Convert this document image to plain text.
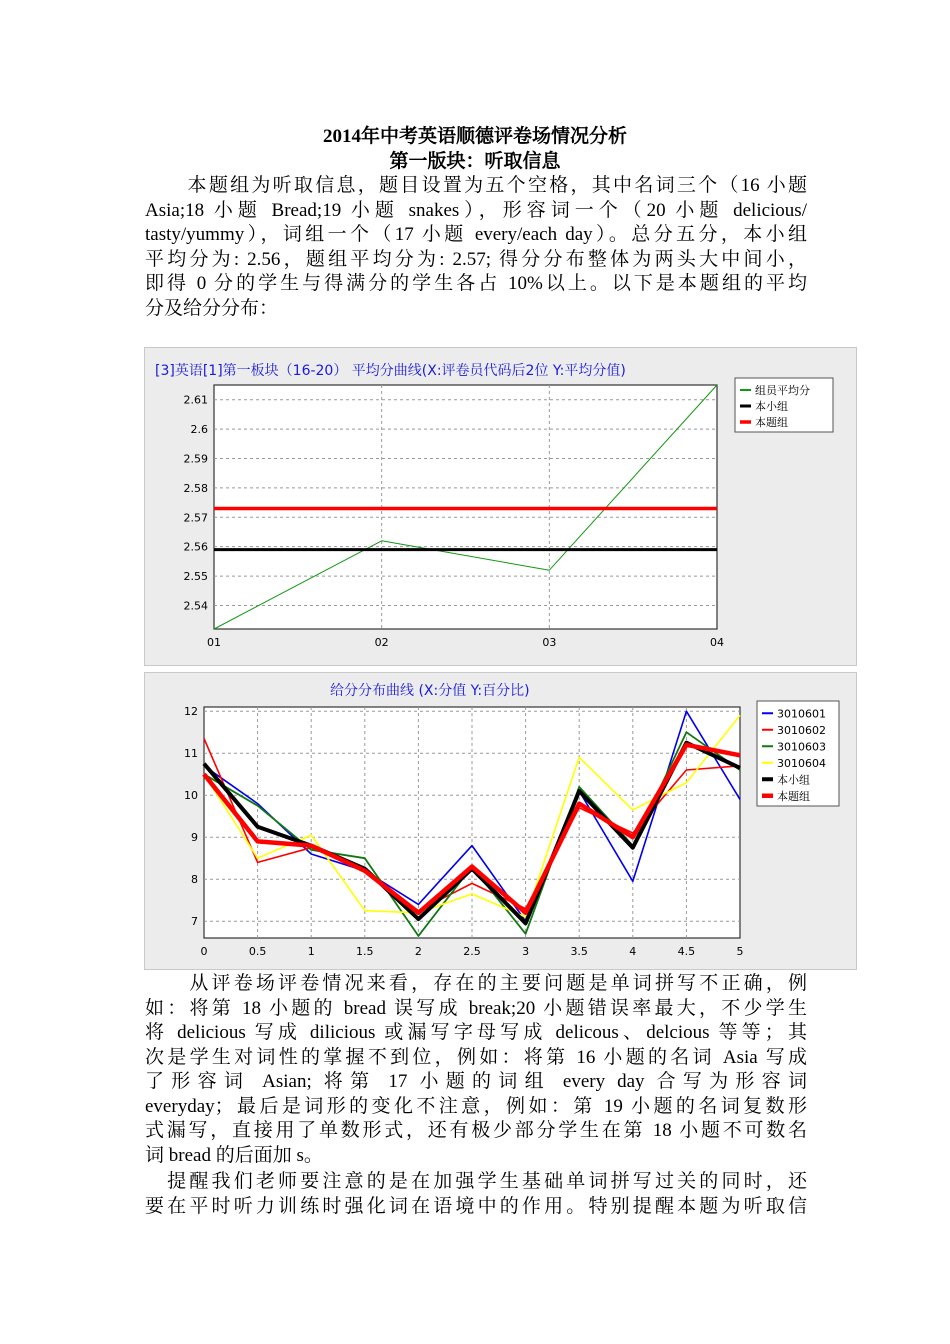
2014年中考英语顺德评卷场情况分析
第一版块：听取信息
　　本题组为听取信息，题目设置为五个空格，其中名词三个（16 小题
Asia;18 小题 Bread;19 小题 snakes），形容词一个（20 小题 delicious/
tasty/yummy），词组一个（17 小题 every/each day）。总分五分，本小组
平均分为: 2.56，题组平均分为: 2.57; 得分分布整体为两头大中间小，
即得 0 分的学生与得满分的学生各占 10%以上。以下是本题组的平均
分及给分分布：
[3]英语[1]第一板块（16-20） 平均分曲线(X:评卷员代码后2位 Y:平均分值)
2.54
2.55
2.56
2.57
2.58
2.59
2.6
2.61
01	02	03	04
组员平均分
本小组
本题组
给分分布曲线 (X:分值 Y:百分比)
7
8
9
10
11
12
0	0.5	1	1.5	2	2.5	3	3.5	4	4.5	5
3010601
3010602
3010603
3010604
本小组
本题组
　　从评卷场评卷情况来看，存在的主要问题是单词拼写不正确，例
如：将第 18 小题的 bread 误写成 break;20 小题错误率最大，不少学生
将 delicious 写成 dilicious 或漏写字母写成 delicous、delcious 等等；其
次是学生对词性的掌握不到位，例如：将第 16 小题的名词 Asia 写成
了形容词 Asian; 将第 17 小题的词组 every day 合写为形容词
everyday；最后是词形的变化不注意，例如：第 19 小题的名词复数形
式漏写，直接用了单数形式，还有极少部分学生在第 18 小题不可数名
词 bread 的后面加 s。
　提醒我们老师要注意的是在加强学生基础单词拼写过关的同时，还
要在平时听力训练时强化词在语境中的作用。特别提醒本题为听取信
